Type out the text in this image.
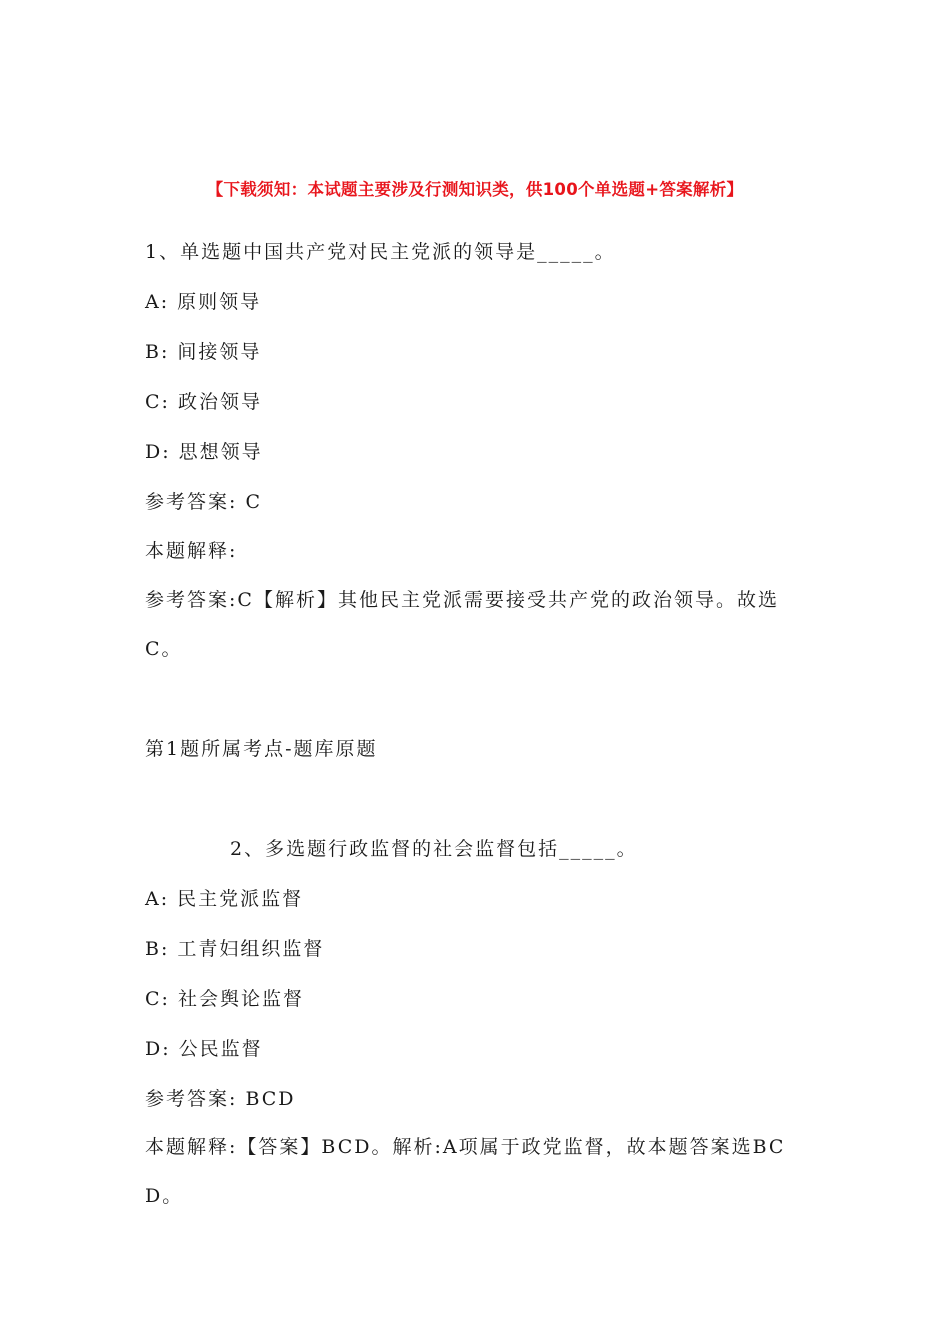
【下载须知：本试题主要涉及行测知识类，供100个单选题+答案解析】
1、单选题中国共产党对民主党派的领导是_____。
A: 原则领导
B: 间接领导
C: 政治领导
D: 思想领导
参考答案: C
本题解释:
参考答案:C【解析】其他民主党派需要接受共产党的政治领导。故选C。
第1题所属考点-题库原题
2、多选题行政监督的社会监督包括_____。
A: 民主党派监督
B: 工青妇组织监督
C: 社会舆论监督
D: 公民监督
参考答案: BCD
本题解释:【答案】BCD。解析:A项属于政党监督，故本题答案选BCD。
